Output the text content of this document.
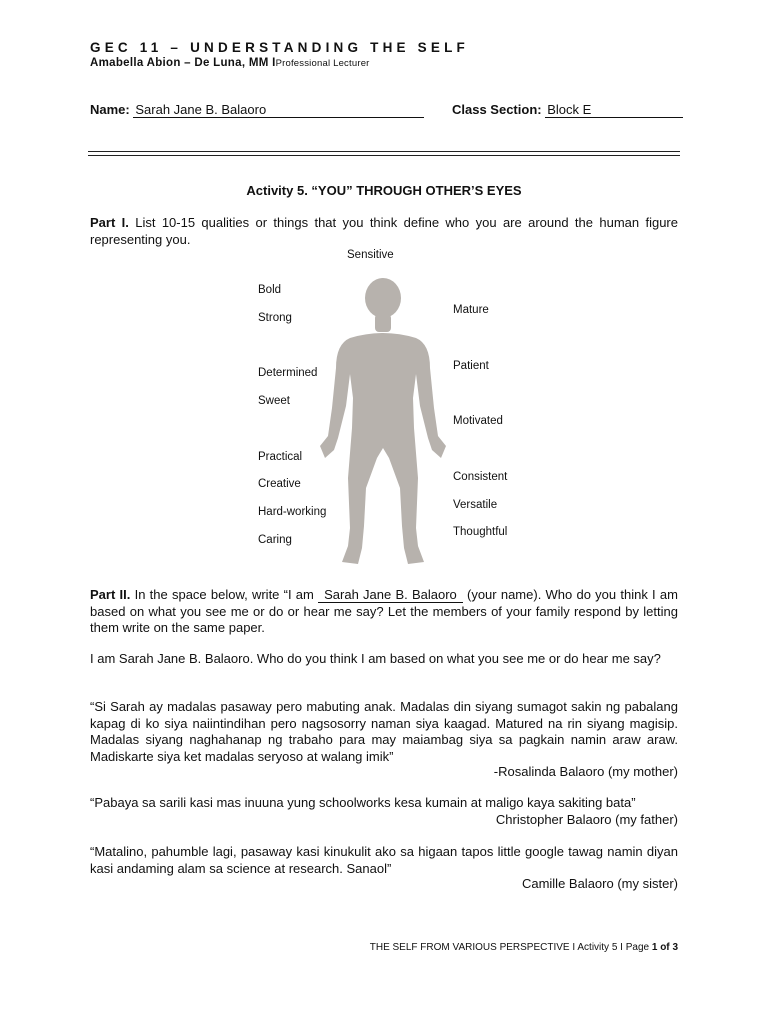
GEC 11 – UNDERSTANDING THE SELF
Amabella Abion – De Luna, MM IProfessional Lecturer
Name: Sarah Jane B. Balaoro	Class Section: Block E
Activity 5. “YOU” THROUGH OTHER’S EYES
Part I. List 10-15 qualities or things that you think define who you are around the human figure representing you.
Sensitive
Bold
Strong
Determined
Sweet
Practical
Creative
Hard-working
Caring
Mature
Patient
Motivated
Consistent
Versatile
Thoughtful
Part II. In the space below, write “I am Sarah Jane B. Balaoro (your name). Who do you think I am based on what you see me or do or hear me say? Let the members of your family respond by letting them write on the same paper.
I am Sarah Jane B. Balaoro. Who do you think I am based on what you see me or do hear me say?
“Si Sarah ay madalas pasaway pero mabuting anak. Madalas din siyang sumagot sakin ng pabalang kapag di ko siya naiintindihan pero nagsosorry naman siya kaagad. Matured na rin siyang magisip. Madalas siyang naghahanap ng trabaho para may maiambag siya sa pagkain namin araw araw. Madiskarte siya ket madalas seryoso at walang imik”
-Rosalinda Balaoro (my mother)
“Pabaya sa sarili kasi mas inuuna yung schoolworks kesa kumain at maligo kaya sakiting bata”
Christopher Balaoro (my father)
“Matalino, pahumble lagi, pasaway kasi kinukulit ako sa higaan tapos little google tawag namin diyan kasi andaming alam sa science at research. Sanaol”
Camille Balaoro (my sister)
THE SELF FROM VARIOUS PERSPECTIVE I Activity 5 I Page 1 of 3
